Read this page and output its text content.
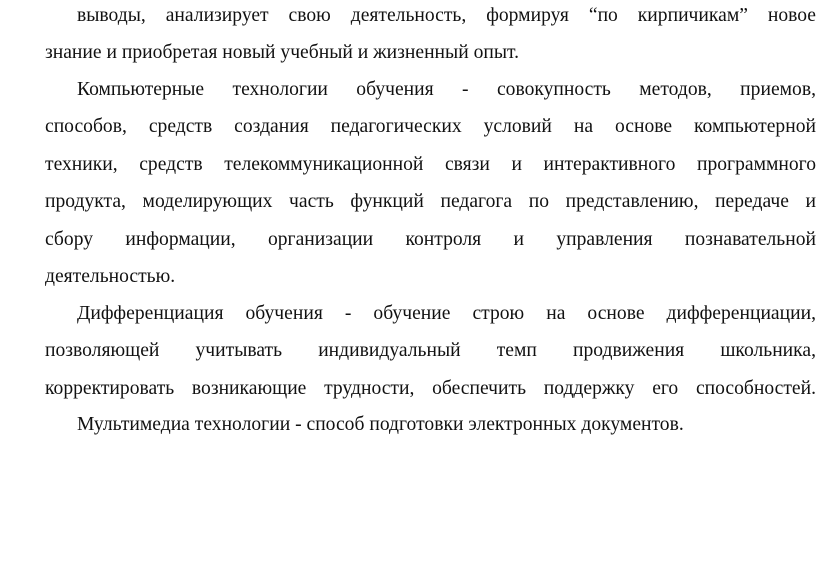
выводы, анализирует свою деятельность, формируя “по кирпичикам” новое
знание и приобретая новый учебный и жизненный опыт.
Компьютерные технологии обучения - совокупность методов, приемов,
способов, средств создания педагогических условий на основе компьютерной
техники, средств телекоммуникационной связи и интерактивного программного
продукта, моделирующих часть функций педагога по представлению, передаче и
сбору информации, организации контроля и управления познавательной
деятельностью.
Дифференциация обучения - обучение строю на основе дифференциации,
позволяющей учитывать индивидуальный темп продвижения школьника,
корректировать возникающие трудности, обеспечить поддержку его способностей.
Мультимедиа технологии - способ подготовки электронных документов.
